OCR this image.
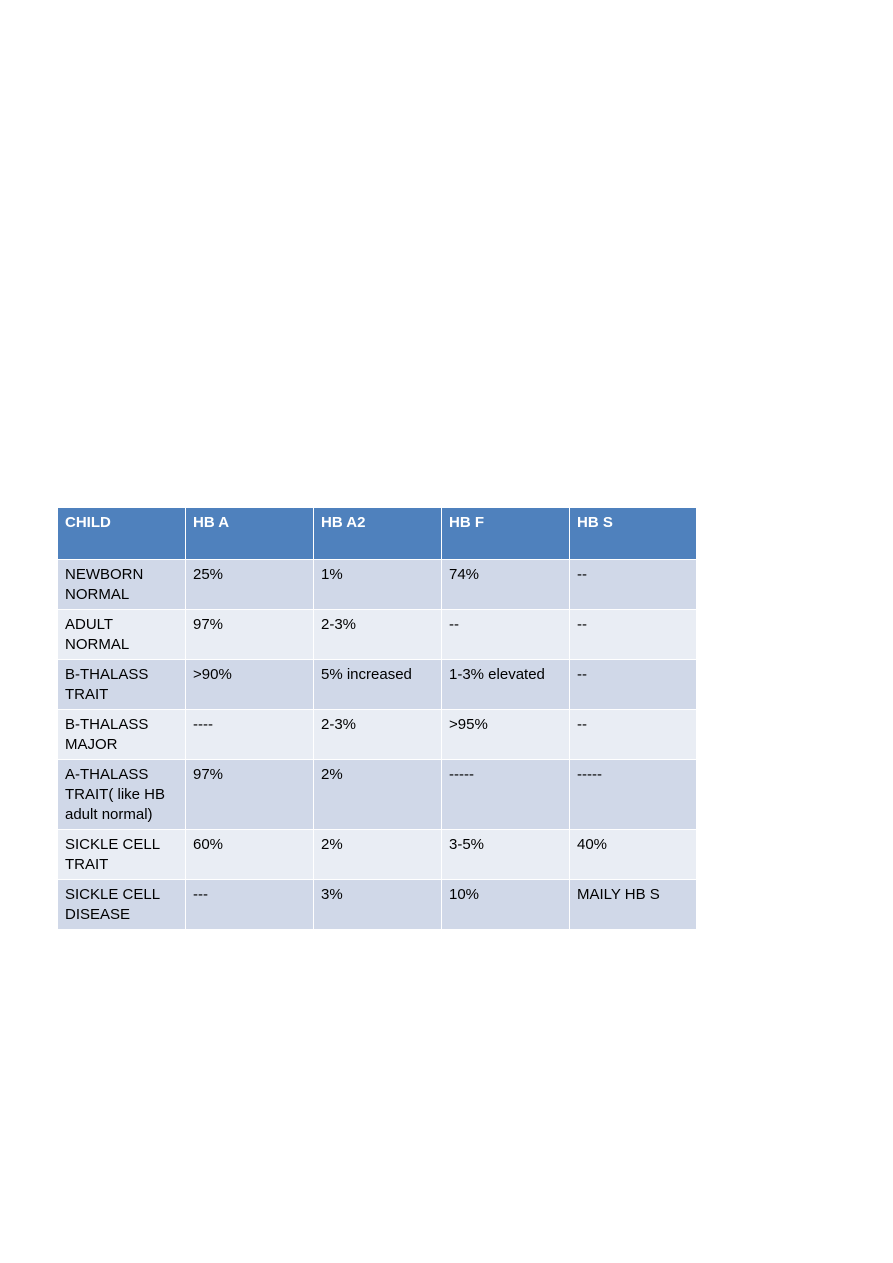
CHILD	HB A	HB A2	HB F	HB S
NEWBORN NORMAL	25%	1%	74%	--
ADULT NORMAL	97%	2-3%	--	--
B-THALASS TRAIT	>90%	5% increased	1-3% elevated	--
B-THALASS MAJOR	----	2-3%	>95%	--
A-THALASS TRAIT( like HB adult normal)	97%	2%	-----	-----
SICKLE CELL TRAIT	60%	2%	3-5%	40%
SICKLE CELL DISEASE	---	3%	10%	MAILY HB S
